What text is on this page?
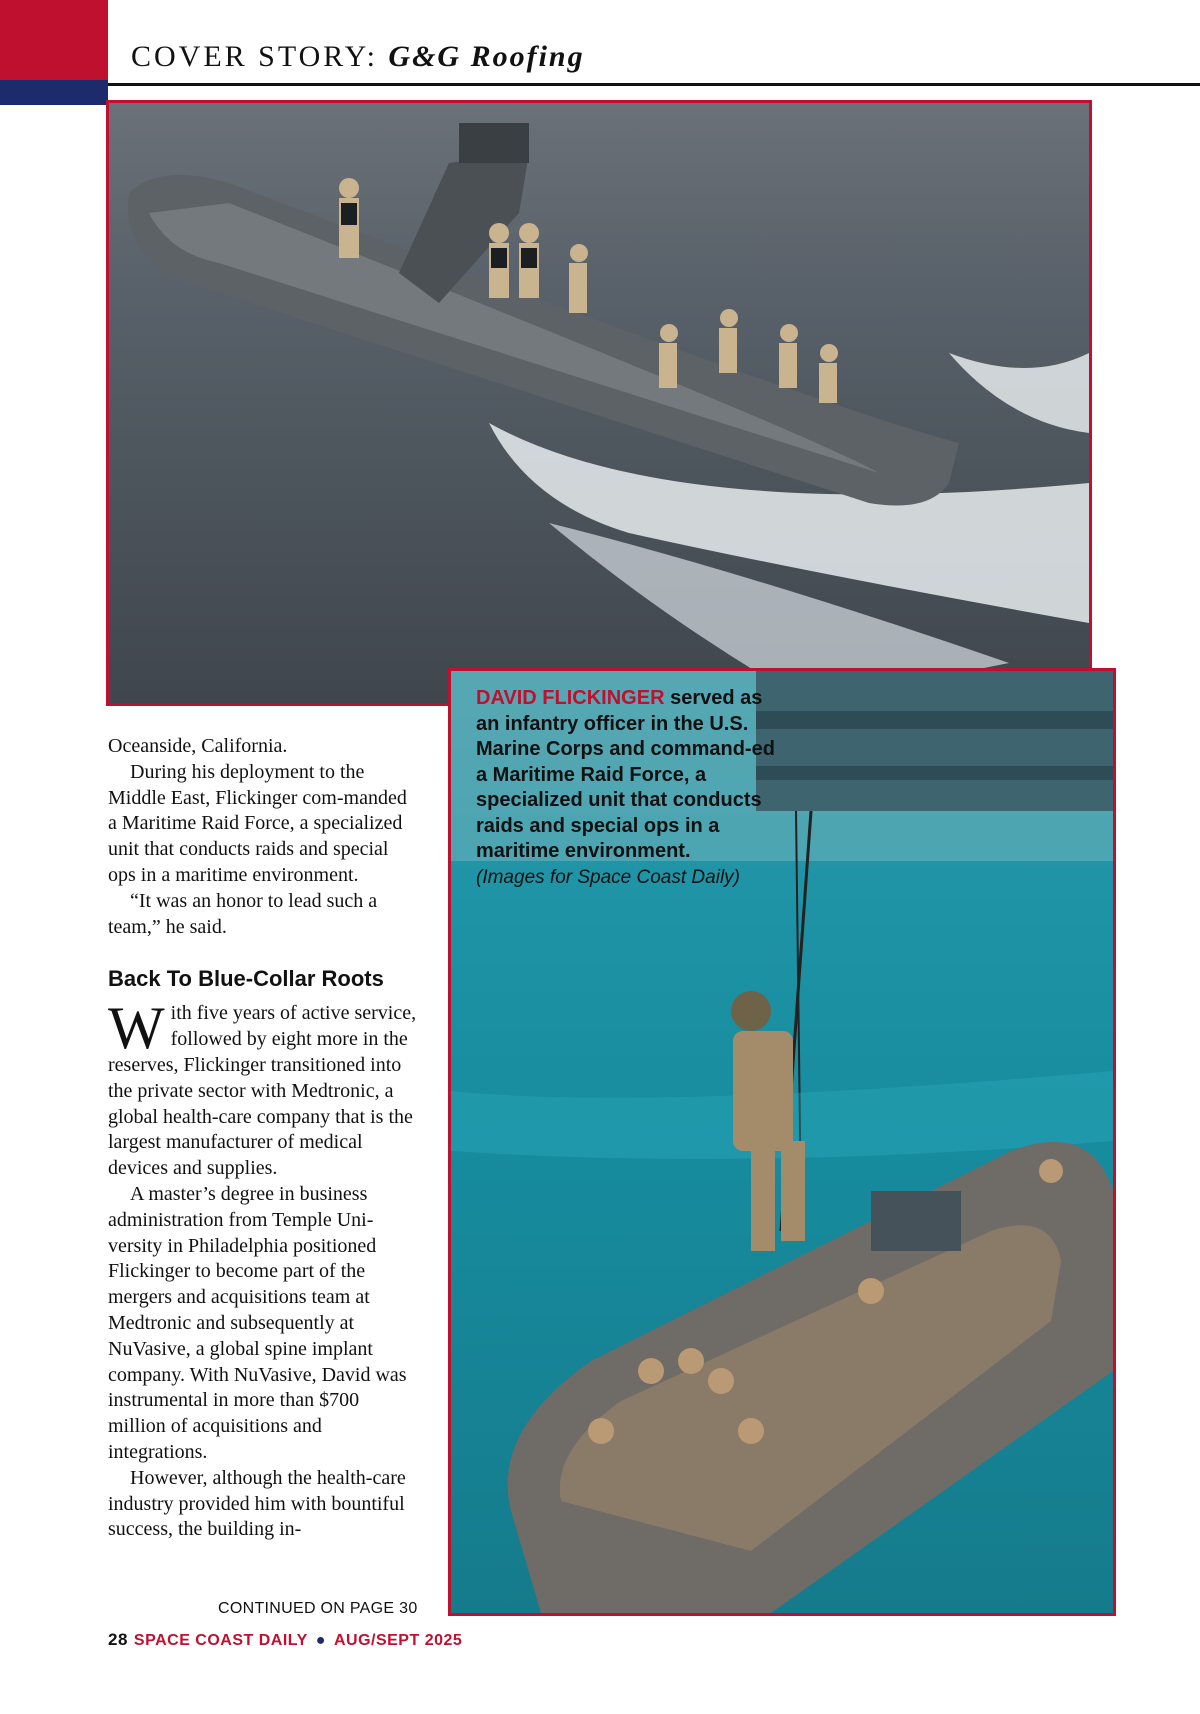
COVER STORY: G&G Roofing
DAVID FLICKINGER served as an infantry officer in the U.S. Marine Corps and command-ed a Maritime Raid Force, a specialized unit that conducts raids and special ops in a maritime environment.
(Images for Space Coast Daily)

Oceanside, California.

During his deployment to the Middle East, Flickinger com-manded a Maritime Raid Force, a specialized unit that conducts raids and special ops in a maritime environment.

“It was an honor to lead such a team,” he said.

Back To Blue-Collar Roots

With five years of active service, followed by eight more in the reserves, Flickinger transitioned into the private sector with Medtronic, a global health-care company that is the largest manufacturer of medical devices and supplies.

A master’s degree in business administration from Temple Uni-versity in Philadelphia positioned Flickinger to become part of the mergers and acquisitions team at Medtronic and subsequently at NuVasive, a global spine implant company. With NuVasive, David was instrumental in more than $700 million of acquisitions and integrations.

However, although the health-care industry provided him with bountiful success, the building in-

CONTINUED ON PAGE 30
28 SPACE COAST DAILY ● AUG/SEPT 2025
